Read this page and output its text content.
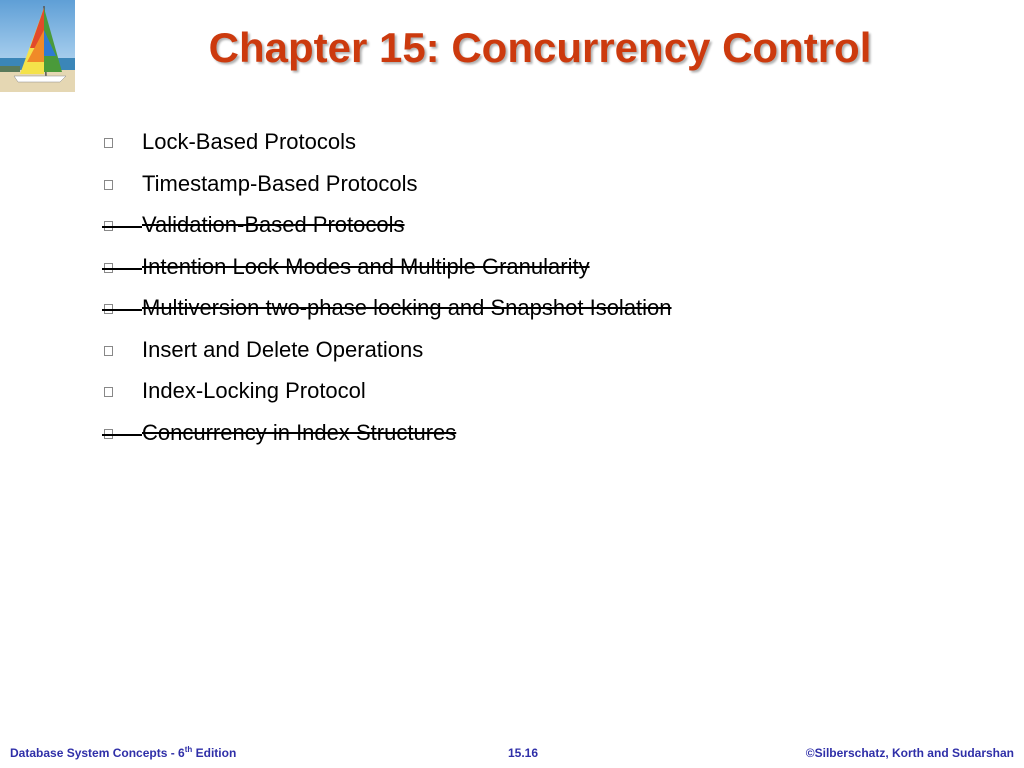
Chapter 15: Concurrency Control
Lock-Based Protocols
Timestamp-Based Protocols
Validation-Based Protocols
Intention Lock Modes and Multiple Granularity
Multiversion two-phase locking and Snapshot Isolation
Insert and Delete Operations
Index-Locking Protocol
Concurrency in Index Structures
Database System Concepts - 6th Edition	15.16	©Silberschatz, Korth and Sudarshan
